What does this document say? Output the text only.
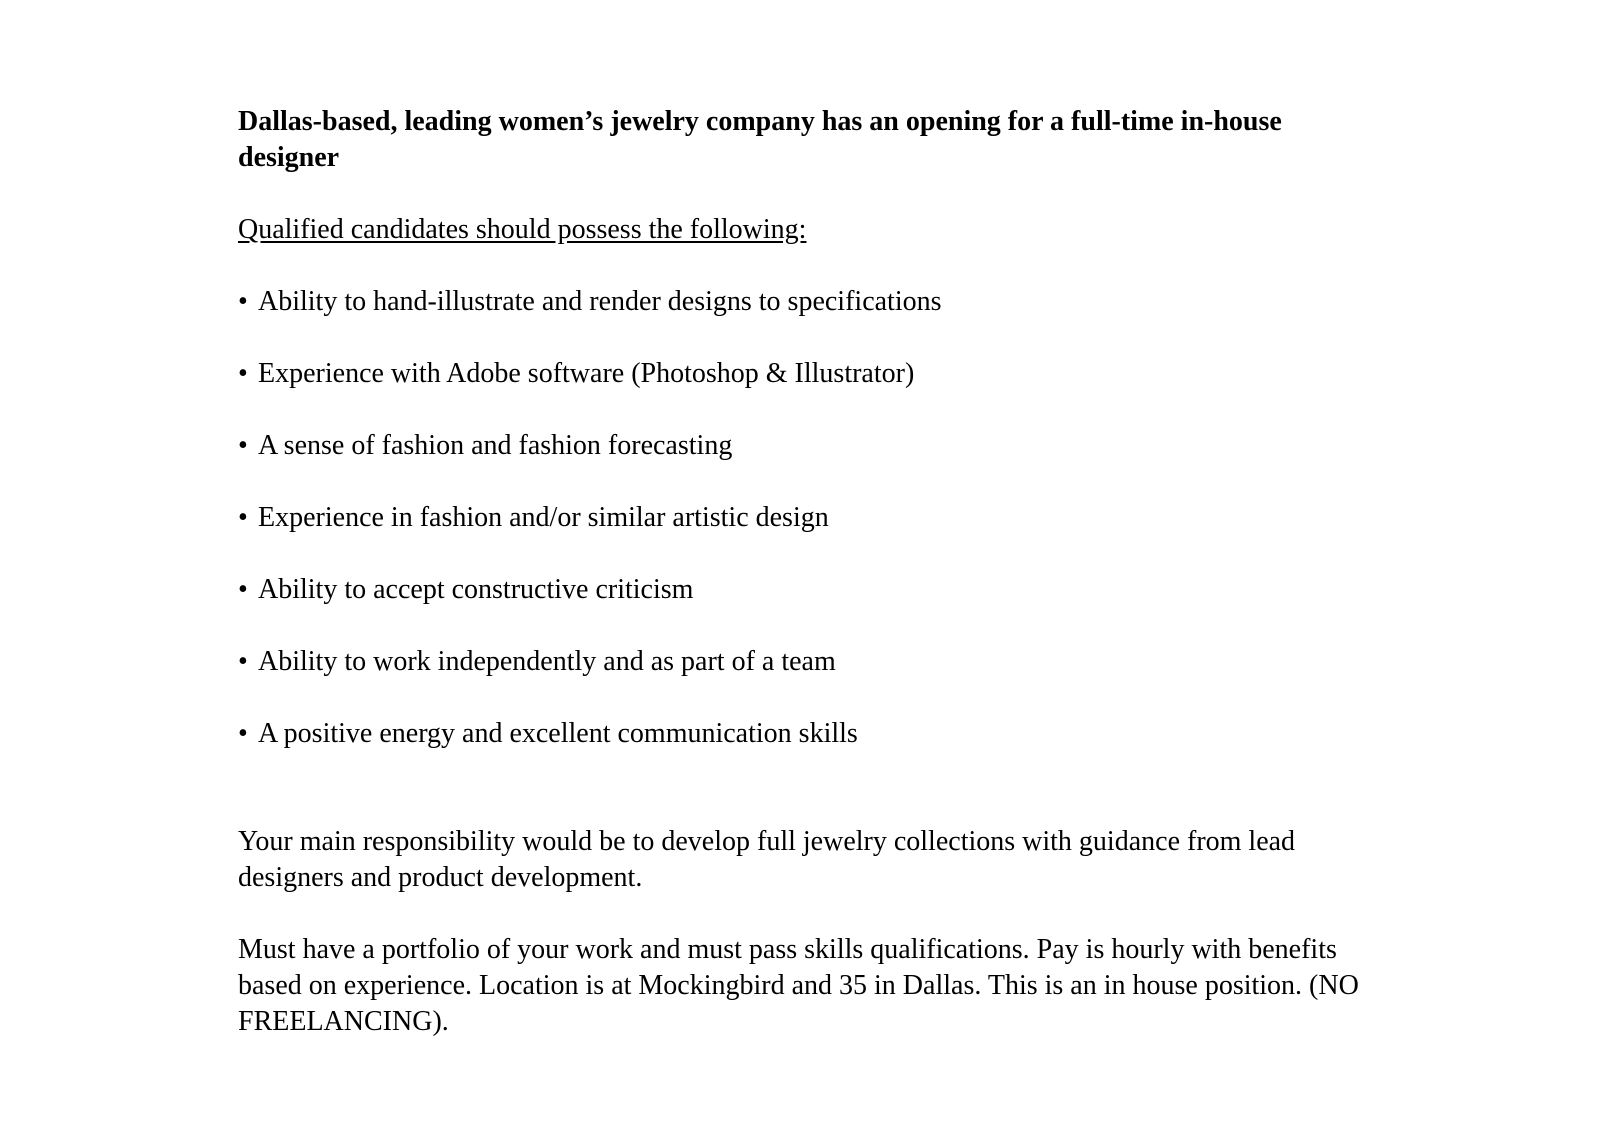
Dallas-based, leading women’s jewelry company has an opening for a full-time in-house designer

Qualified candidates should possess the following:

• Ability to hand-illustrate and render designs to specifications
• Experience with Adobe software (Photoshop & Illustrator)
• A sense of fashion and fashion forecasting
• Experience in fashion and/or similar artistic design
• Ability to accept constructive criticism
• Ability to work independently and as part of a team
• A positive energy and excellent communication skills

Your main responsibility would be to develop full jewelry collections with guidance from lead designers and product development.

Must have a portfolio of your work and must pass skills qualifications. Pay is hourly with benefits based on experience. Location is at Mockingbird and 35 in Dallas. This is an in house position. (NO FREELANCING).
